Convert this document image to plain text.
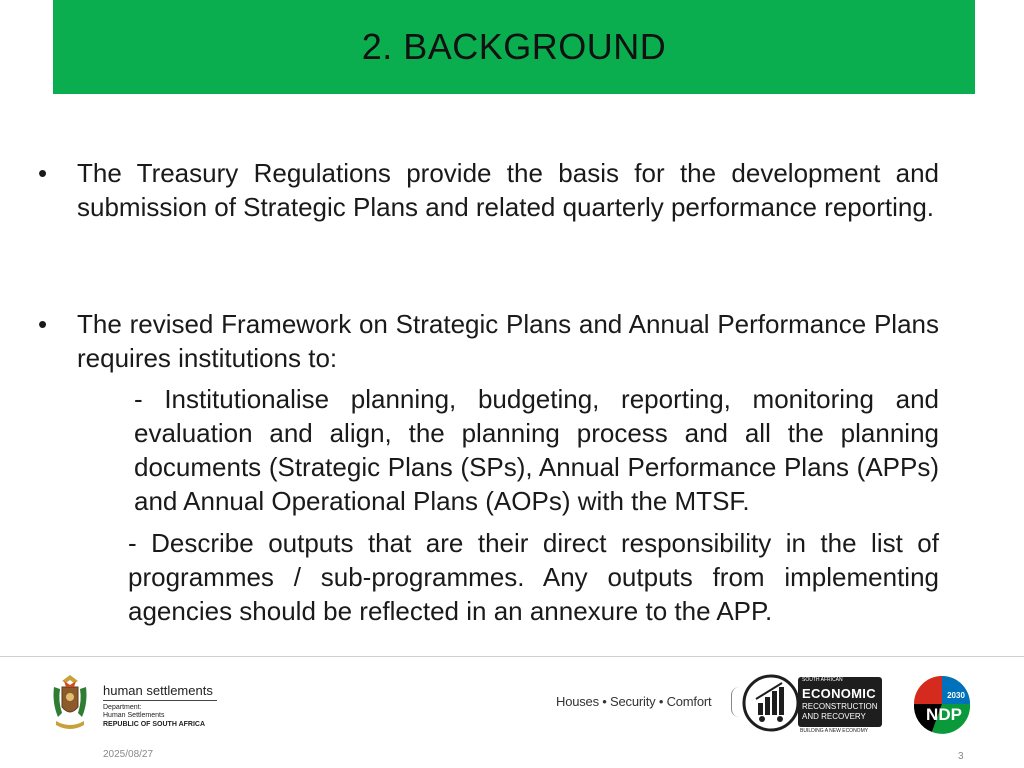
2. BACKGROUND
• The Treasury Regulations provide the basis for the development and submission of Strategic Plans and related quarterly performance reporting.
• The revised Framework on Strategic Plans and Annual Performance Plans requires institutions to:
- Institutionalise planning, budgeting, reporting, monitoring and evaluation and align, the planning process and all the planning documents (Strategic Plans (SPs), Annual Performance Plans (APPs) and Annual Operational Plans (AOPs) with the MTSF.
- Describe outputs that are their direct responsibility in the list of programmes / sub-programmes. Any outputs from implementing agencies should be reflected in an annexure to the APP.
human settlements
Department:
Human Settlements
REPUBLIC OF SOUTH AFRICA
Houses • Security • Comfort
SOUTH AFRICAN
ECONOMIC
RECONSTRUCTION
AND RECOVERY
BUILDING A NEW ECONOMY
2030
NDP
2025/08/27	3
